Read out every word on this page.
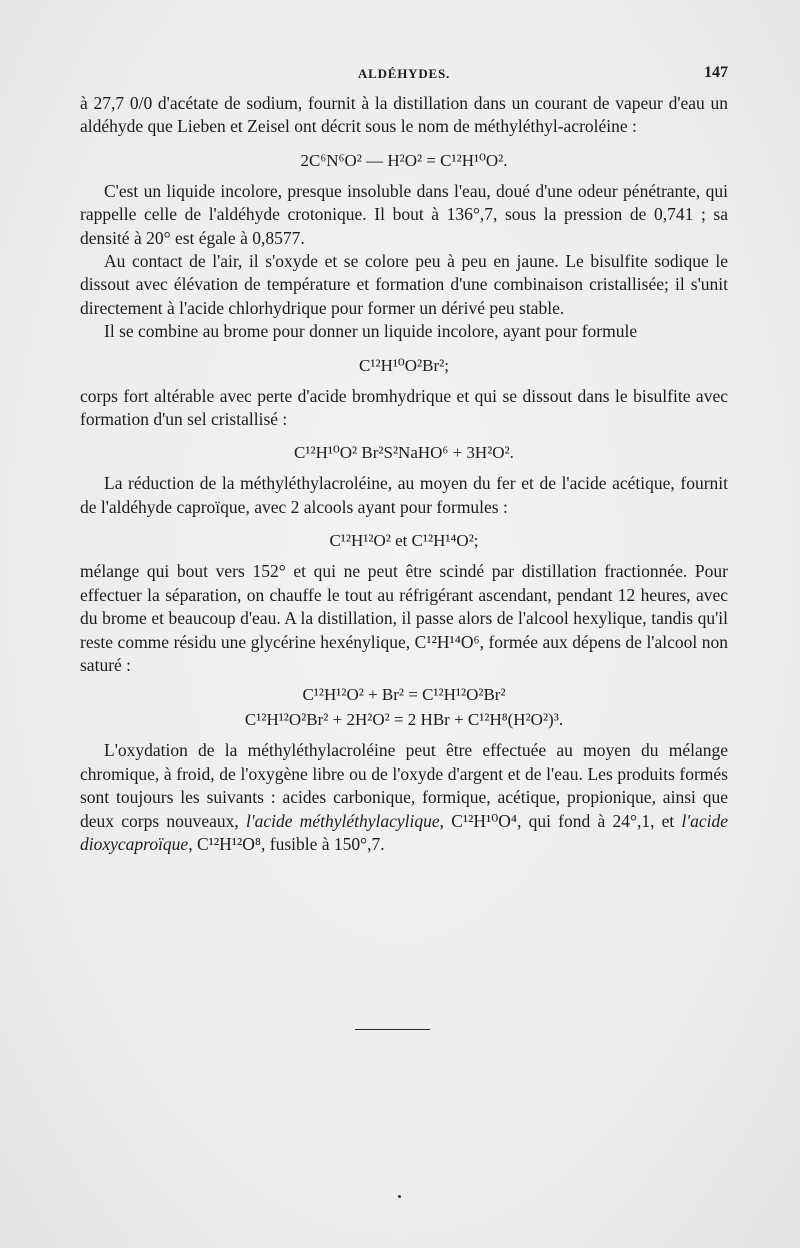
ALDÉHYDES.	147

à 27,7 0/0 d'acétate de sodium, fournit à la distillation dans un courant de vapeur d'eau un aldéhyde que Lieben et Zeisel ont décrit sous le nom de méthyléthyl-acroléine :

2C⁶N⁶O² — H²O² = C¹²H¹⁰O².

C'est un liquide incolore, presque insoluble dans l'eau, doué d'une odeur pénétrante, qui rappelle celle de l'aldéhyde crotonique. Il bout à 136°,7, sous la pression de 0,741 ; sa densité à 20° est égale à 0,8577.

Au contact de l'air, il s'oxyde et se colore peu à peu en jaune. Le bisulfite sodique le dissout avec élévation de température et formation d'une combinaison cristallisée; il s'unit directement à l'acide chlorhydrique pour former un dérivé peu stable.

Il se combine au brome pour donner un liquide incolore, ayant pour formule

C¹²H¹⁰O²Br²;

corps fort altérable avec perte d'acide bromhydrique et qui se dissout dans le bisulfite avec formation d'un sel cristallisé :

C¹²H¹⁰O² Br²S²NaHO⁶ + 3H²O².

La réduction de la méthyléthylacroléine, au moyen du fer et de l'acide acétique, fournit de l'aldéhyde caproïque, avec 2 alcools ayant pour formules :

C¹²H¹²O² et C¹²H¹⁴O²;

mélange qui bout vers 152° et qui ne peut être scindé par distillation fractionnée. Pour effectuer la séparation, on chauffe le tout au réfrigérant ascendant, pendant 12 heures, avec du brome et beaucoup d'eau. A la distillation, il passe alors de l'alcool hexylique, tandis qu'il reste comme résidu une glycérine hexénylique, C¹²H¹⁴O⁶, formée aux dépens de l'alcool non saturé :

C¹²H¹²O² + Br² = C¹²H¹²O²Br²
C¹²H¹²O²Br² + 2H²O² = 2 HBr + C¹²H⁸(H²O²)³.

L'oxydation de la méthyléthylacroléine peut être effectuée au moyen du mélange chromique, à froid, de l'oxygène libre ou de l'oxyde d'argent et de l'eau. Les produits formés sont toujours les suivants : acides carbonique, formique, acétique, propionique, ainsi que deux corps nouveaux, l'acide méthyléthylacylique, C¹²H¹⁰O⁴, qui fond à 24°,1, et l'acide dioxycaproïque, C¹²H¹²O⁸, fusible à 150°,7.
